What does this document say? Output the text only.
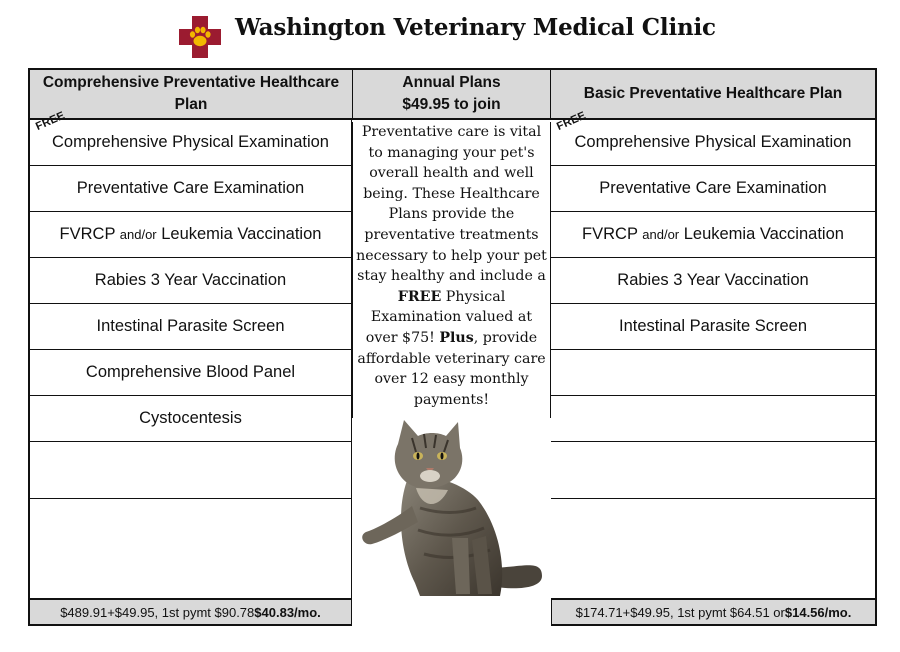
Washington Veterinary Medical Clinic
Comprehensive Preventative Healthcare Plan
Annual Plans
$49.95 to join
Basic Preventative Healthcare Plan
FREE
Comprehensive Physical Examination
Preventative Care Examination
FVRCP and/or Leukemia Vaccination
Rabies 3 Year Vaccination
Intestinal Parasite Screen
Comprehensive Blood Panel
Cystocentesis
Preventative care is vital to managing your pet's overall health and well being. These Healthcare Plans provide the preventative treatments necessary to help your pet stay healthy and include a FREE Physical Examination valued at over $75! Plus, provide affordable veterinary care over 12 easy monthly payments!
FREE
Comprehensive Physical Examination
Preventative Care Examination
FVRCP and/or Leukemia Vaccination
Rabies 3 Year Vaccination
Intestinal Parasite Screen
$489.91+$49.95, 1st pymt $90.78 $40.83/mo.	$174.71+$49.95, 1st pymt $64.51 or $14.56/mo.
